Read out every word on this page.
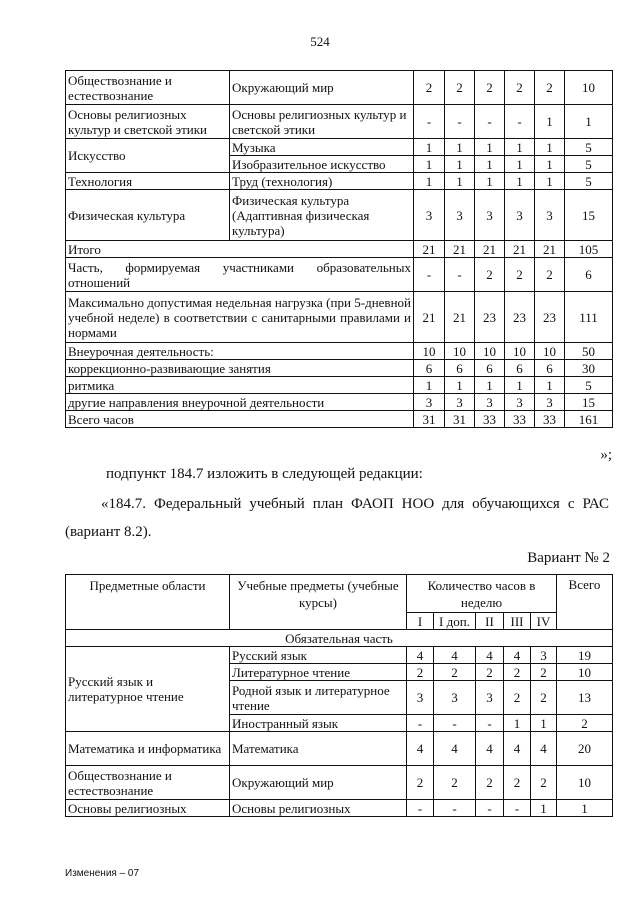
524
Обществознание и естествознание	Окружающий мир	2	2	2	2	2	10
Основы религиозных культур и светской этики	Основы религиозных культур и светской этики	-	-	-	-	1	1
Искусство	Музыка	1	1	1	1	1	5
	Изобразительное искусство	1	1	1	1	1	5
Технология	Труд (технология)	1	1	1	1	1	5
Физическая культура	Физическая культура (Адаптивная физическая культура)	3	3	3	3	3	15
Итого		21	21	21	21	21	105
Часть, формируемая участниками образовательных отношений		-	-	2	2	2	6
Максимально допустимая недельная нагрузка (при 5-дневной учебной неделе) в соответствии с санитарными правилами и нормами		21	21	23	23	23	111
Внеурочная деятельность:		10	10	10	10	10	50
коррекционно-развивающие занятия		6	6	6	6	6	30
ритмика		1	1	1	1	1	5
другие направления внеурочной деятельности		3	3	3	3	3	15
Всего часов		31	31	33	33	33	161

»;

подпункт 184.7 изложить в следующей редакции:

«184.7. Федеральный учебный план ФАОП НОО для обучающихся с РАС

(вариант 8.2).

Вариант № 2
Предметные области	Учебные предметы (учебные курсы)	Количество часов в неделю					Всего
		I	I доп.	II	III	IV	
Обязательная часть							
Русский язык и литературное чтение	Русский язык	4	4	4	4	3	19
	Литературное чтение	2	2	2	2	2	10
	Родной язык и литературное чтение	3	3	3	2	2	13
	Иностранный язык	-	-	-	1	1	2
Математика и информатика	Математика	4	4	4	4	4	20
Обществознание и естествознание	Окружающий мир	2	2	2	2	2	10
Основы религиозных	Основы религиозных	-	-	-	-	1	1
Изменения – 07
